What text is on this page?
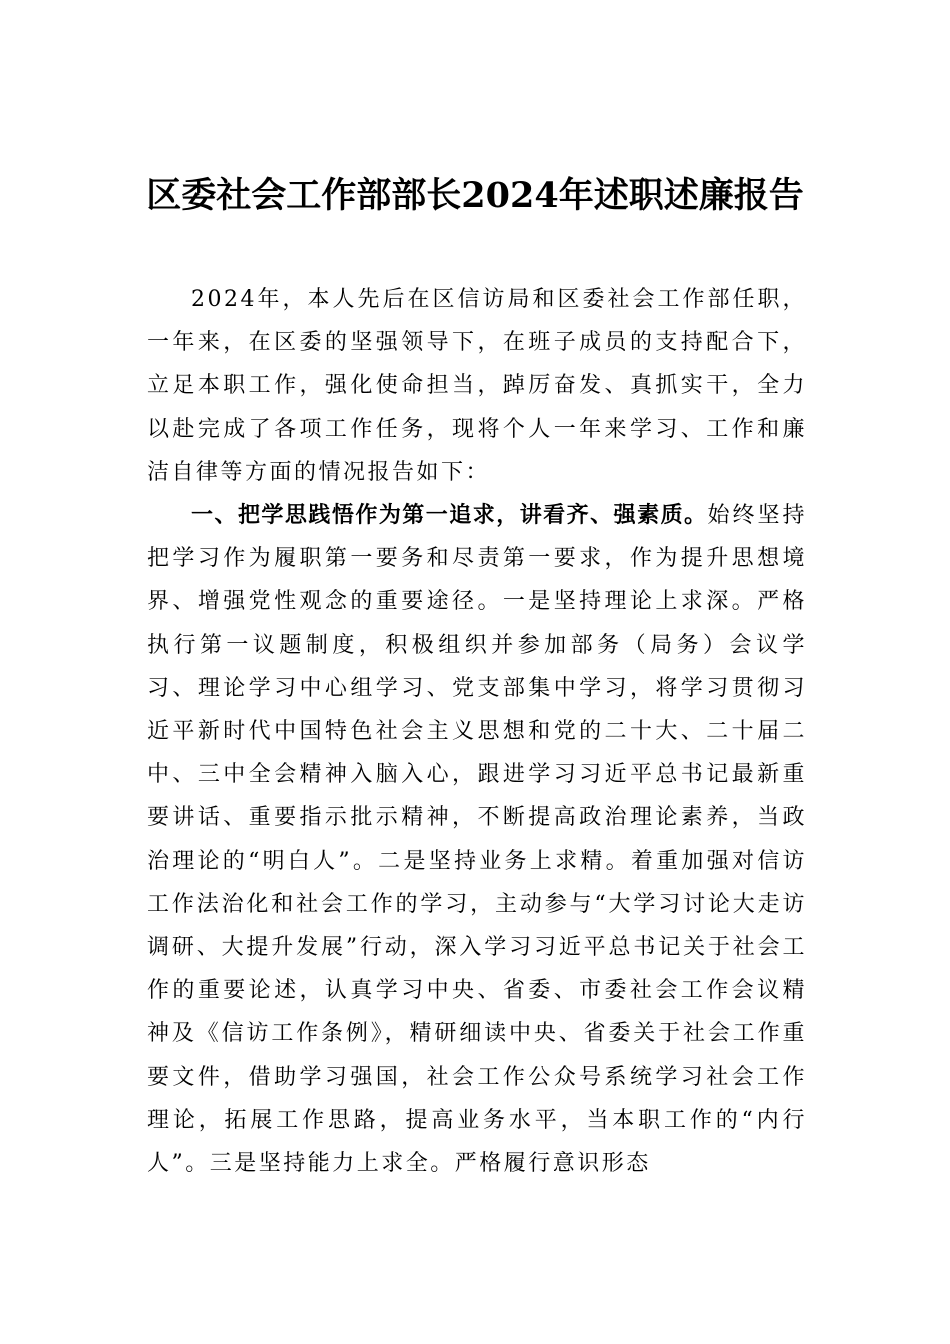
区委社会工作部部长2024年述职述廉报告

2024年，本人先后在区信访局和区委社会工作部任职，一年来，在区委的坚强领导下，在班子成员的支持配合下，立足本职工作，强化使命担当，踔厉奋发、真抓实干，全力以赴完成了各项工作任务，现将个人一年来学习、工作和廉洁自律等方面的情况报告如下：

一、把学思践悟作为第一追求，讲看齐、强素质。始终坚持把学习作为履职第一要务和尽责第一要求，作为提升思想境界、增强党性观念的重要途径。一是坚持理论上求深。严格执行第一议题制度，积极组织并参加部务（局务）会议学习、理论学习中心组学习、党支部集中学习，将学习贯彻习近平新时代中国特色社会主义思想和党的二十大、二十届二中、三中全会精神入脑入心，跟进学习习近平总书记最新重要讲话、重要指示批示精神，不断提高政治理论素养，当政治理论的“明白人”。二是坚持业务上求精。着重加强对信访工作法治化和社会工作的学习，主动参与“大学习讨论大走访调研、大提升发展”行动，深入学习习近平总书记关于社会工作的重要论述，认真学习中央、省委、市委社会工作会议精神及《信访工作条例》，精研细读中央、省委关于社会工作重要文件，借助学习强国，社会工作公众号系统学习社会工作理论，拓展工作思路，提高业务水平，当本职工作的“内行人”。三是坚持能力上求全。严格履行意识形态
